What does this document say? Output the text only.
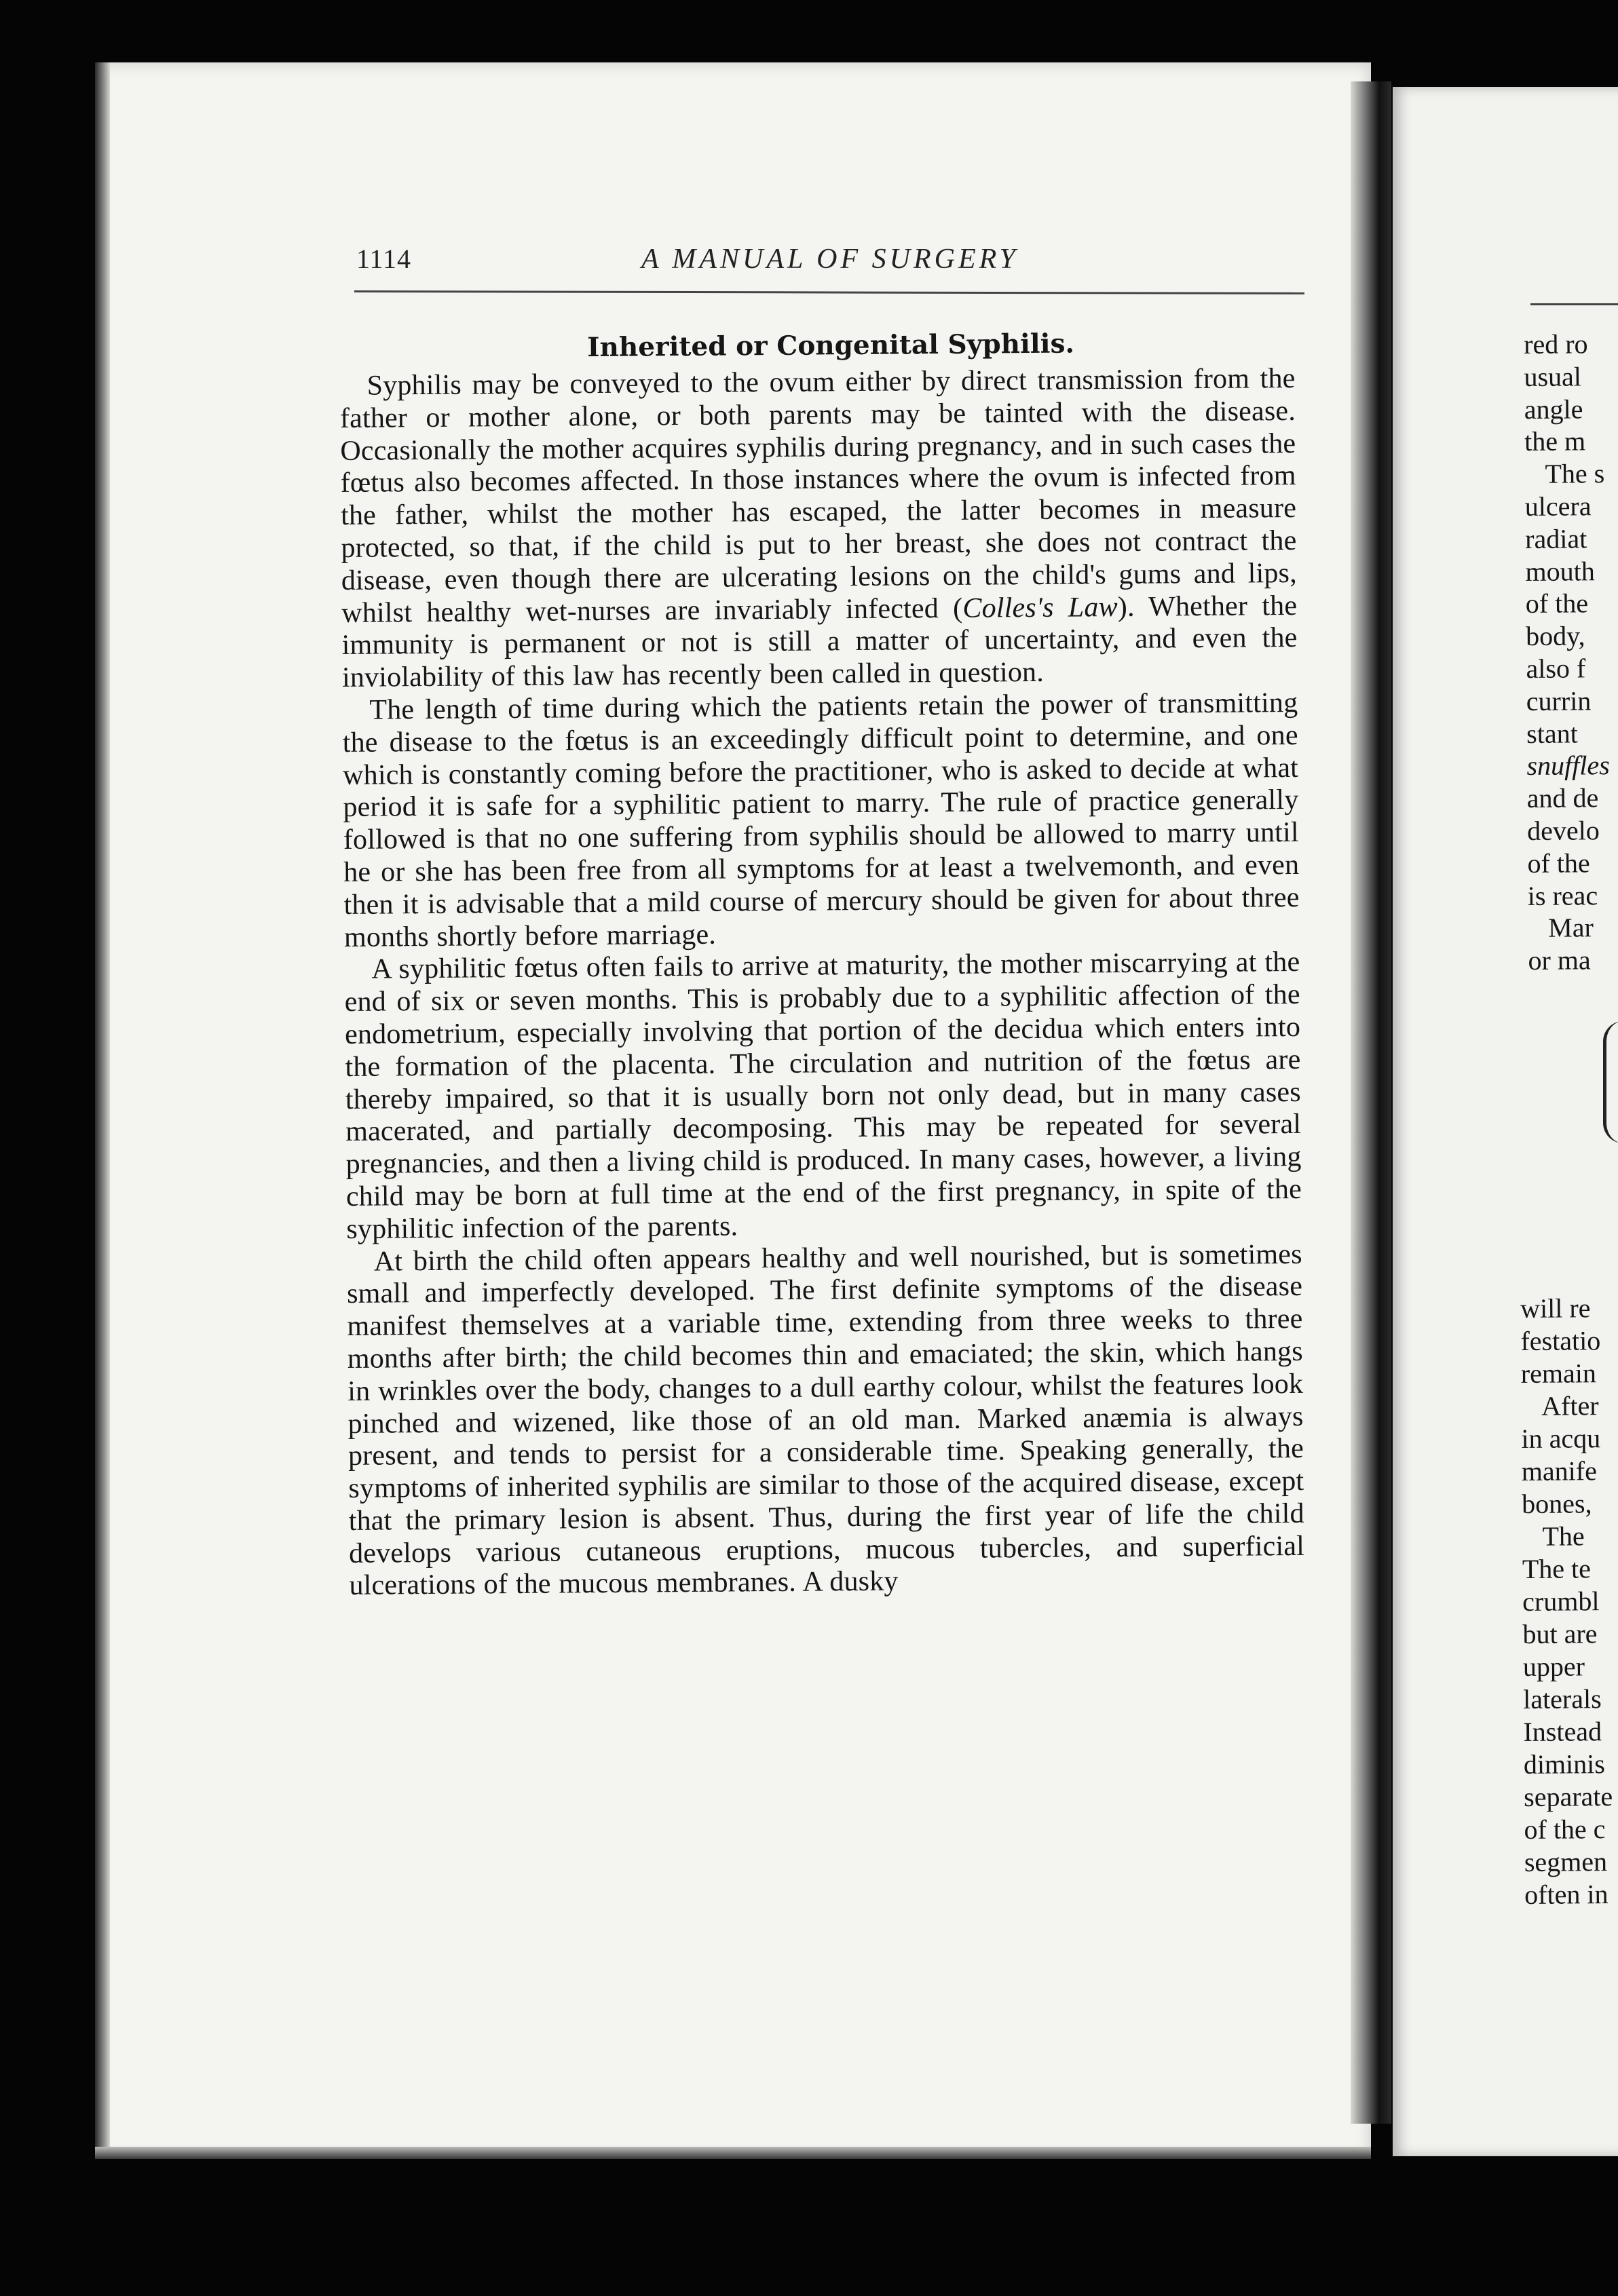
1114	A MANUAL OF SURGERY
Inherited or Congenital Syphilis.

Syphilis may be conveyed to the ovum either by direct transmission from the father or mother alone, or both parents may be tainted with the disease. Occasionally the mother acquires syphilis during pregnancy, and in such cases the fœtus also becomes affected. In those instances where the ovum is infected from the father, whilst the mother has escaped, the latter becomes in measure protected, so that, if the child is put to her breast, she does not contract the disease, even though there are ulcerating lesions on the child's gums and lips, whilst healthy wet-nurses are invariably infected (Colles's Law). Whether the immunity is permanent or not is still a matter of uncertainty, and even the inviolability of this law has recently been called in question.

The length of time during which the patients retain the power of transmitting the disease to the fœtus is an exceedingly difficult point to determine, and one which is constantly coming before the practitioner, who is asked to decide at what period it is safe for a syphilitic patient to marry. The rule of practice generally followed is that no one suffering from syphilis should be allowed to marry until he or she has been free from all symptoms for at least a twelvemonth, and even then it is advisable that a mild course of mercury should be given for about three months shortly before marriage.

A syphilitic fœtus often fails to arrive at maturity, the mother miscarrying at the end of six or seven months. This is probably due to a syphilitic affection of the endometrium, especially involving that portion of the decidua which enters into the formation of the placenta. The circulation and nutrition of the fœtus are thereby impaired, so that it is usually born not only dead, but in many cases macerated, and partially decomposing. This may be repeated for several pregnancies, and then a living child is produced. In many cases, however, a living child may be born at full time at the end of the first pregnancy, in spite of the syphilitic infection of the parents.

At birth the child often appears healthy and well nourished, but is sometimes small and imperfectly developed. The first definite symptoms of the disease manifest themselves at a variable time, extending from three weeks to three months after birth; the child becomes thin and emaciated; the skin, which hangs in wrinkles over the body, changes to a dull earthy colour, whilst the features look pinched and wizened, like those of an old man. Marked anæmia is always present, and tends to persist for a considerable time. Speaking generally, the symptoms of inherited syphilis are similar to those of the acquired disease, except that the primary lesion is absent. Thus, during the first year of life the child develops various cutaneous eruptions, mucous tubercles, and superficial ulcerations of the mucous membranes. A dusky

red ro
usual
angle
the m
The s
ulcera
radiat
mouth
of the
body,
also f
currin
stant
snuffles
and de
develo
of the
is reac
Mar
or ma
will re
festatio
remain
After
in acqu
manife
bones,
The
The te
crumbl
but are
upper
laterals
Instead
diminis
separate
of the c
segmen
often in
